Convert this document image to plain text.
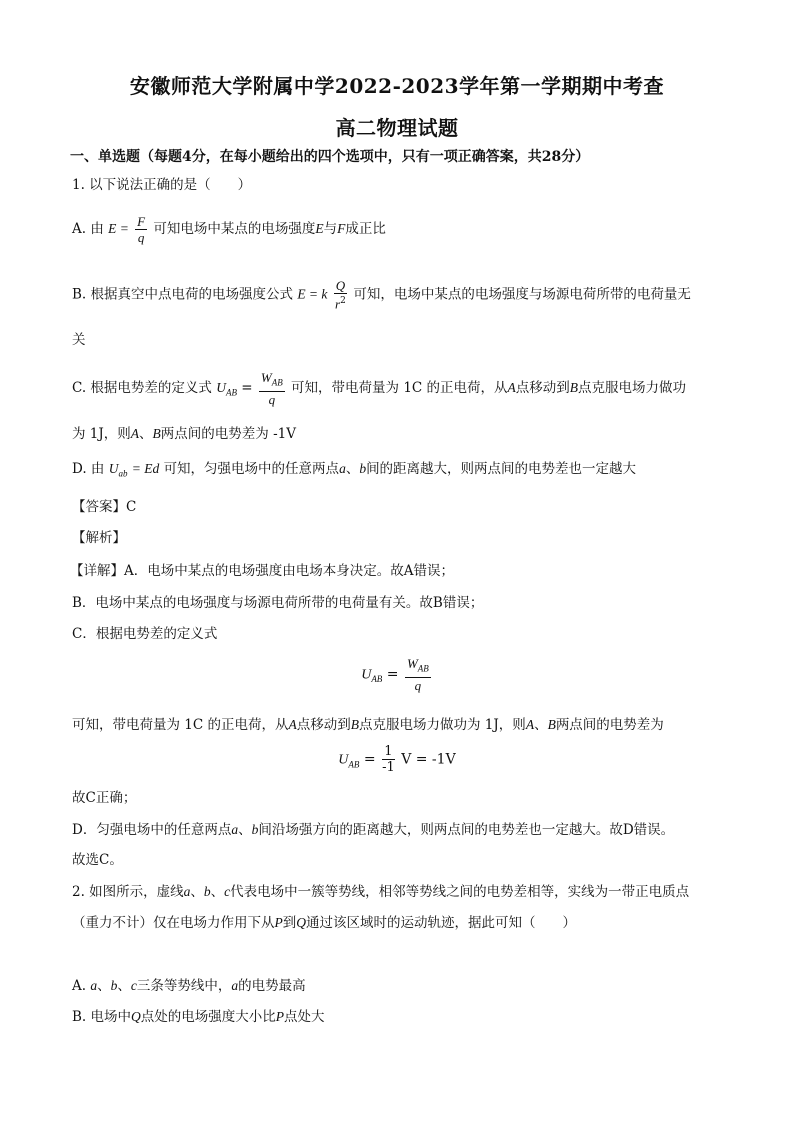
安徽师范大学附属中学2022-2023学年第一学期期中考查
高二物理试题
一、单选题（每题4分，在每小题给出的四个选项中，只有一项正确答案，共28分）
1. 以下说法正确的是（　　）
A. 由 $E = \frac{F}{q}$ 可知电场中某点的电场强度E与F成正比
B. 根据真空中点电荷的电场强度公式 E = k $\frac{Q}{r^2}$ 可知，电场中某点的电场强度与场源电荷所带的电荷量无
关
C. 根据电势差的定义式 $U_{AB} = \frac{W_{AB}}{q}$ 可知，带电荷量为 1C 的正电荷，从A点移动到B点克服电场力做功
为 1J，则A、B两点间的电势差为 -1V
D. 由 $U_{ab} = Ed$ 可知，匀强电场中的任意两点a、b间的距离越大，则两点间的电势差也一定越大
【答案】C
【解析】
【详解】A．电场中某点的电场强度由电场本身决定。故A错误；
B．电场中某点的电场强度与场源电荷所带的电荷量有关。故B错误；
C．根据电势差的定义式
$U_{AB} = \frac{W_{AB}}{q}$
可知，带电荷量为 1C 的正电荷，从A点移动到B点克服电场力做功为 1J，则A、B两点间的电势差为
$U_{AB} = \frac{1}{-1}$ V = -1V
故C正确；
D．匀强电场中的任意两点a、b间沿场强方向的距离越大，则两点间的电势差也一定越大。故D错误。
故选C。
2. 如图所示，虚线a、b、c代表电场中一簇等势线，相邻等势线之间的电势差相等，实线为一带正电质点
（重力不计）仅在电场力作用下从P到Q通过该区域时的运动轨迹，据此可知（　　）
A. a、b、c三条等势线中，a的电势最高
B. 电场中Q点处的电场强度大小比P点处大
